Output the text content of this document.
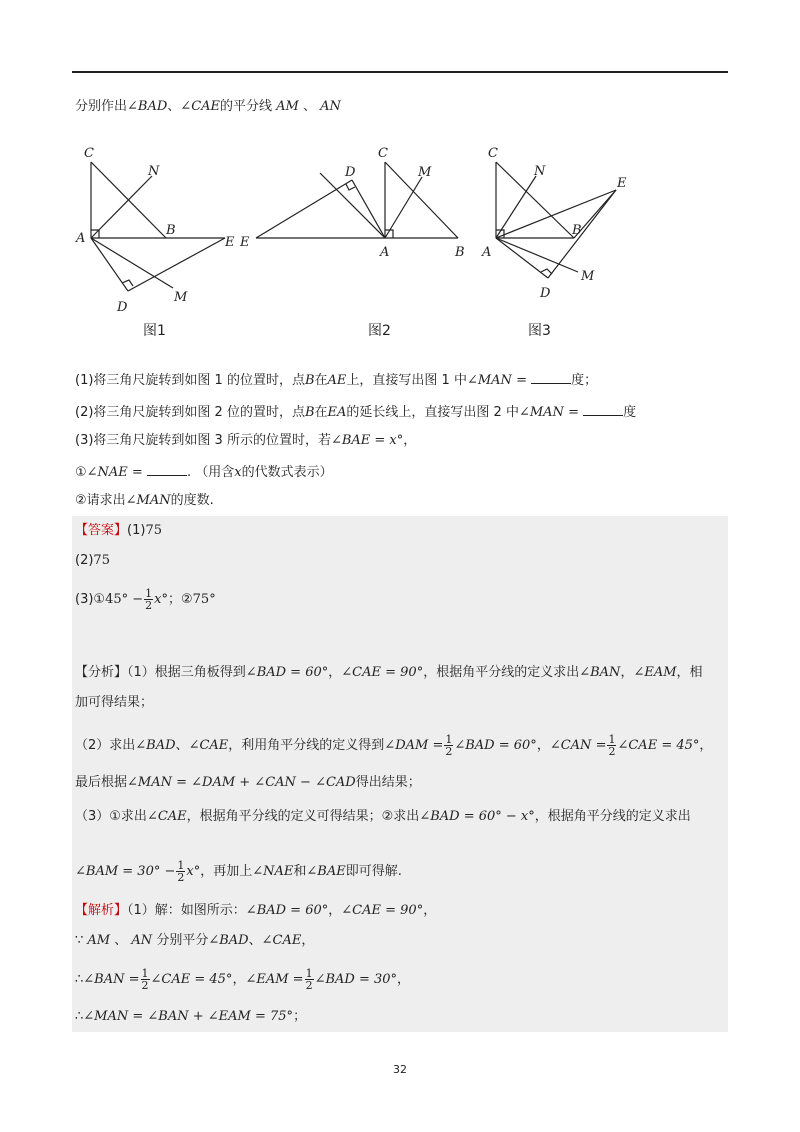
分别作出∠BAD、∠CAE的平分线 AM 、 AN
C
N
A
B
E
D
M
图1
C
D	M
E
A	B
图2
C
N
E
A
B
M
D
图3
(1)将三角尺旋转到如图 1 的位置时，点B在AE上，直接写出图 1 中∠MAN =	度；
(2)将三角尺旋转到如图 2 位的置时，点B在EA的延长线上，直接写出图 2 中∠MAN =	度
(3)将三角尺旋转到如图 3 所示的位置时，若∠BAE = x°，
①∠NAE =	. （用含x的代数式表示）
②请求出∠MAN的度数.
【答案】(1)75
(2)75
(3)①45° − $\frac{1}{2} x^\circ$；②75°
【分析】（1）根据三角板得到∠BAD = 60°，∠CAE = 90°，根据角平分线的定义求出∠BAN，∠EAM，相
加可得结果；
（2）求出∠BAD、∠CAE，利用角平分线的定义得到∠DAM = $\frac{1}{2}$ ∠BAD = 60°，∠CAN = $\frac{1}{2}$ ∠CAE = 45°，
最后根据∠MAN = ∠DAM + ∠CAN − ∠CAD得出结果；
（3）①求出∠CAE，根据角平分线的定义可得结果；②求出∠BAD = 60° − x°，根据角平分线的定义求出
∠BAM = $30^\circ - \frac{1}{2} x^\circ$，再加上∠NAE和∠BAE即可得解.
【解析】（1）解：如图所示：∠BAD = 60°，∠CAE = 90°，
∵ AM 、 AN 分别平分∠BAD、∠CAE，
∴∠BAN = $\frac{1}{2}$ ∠CAE = 45°，∠EAM = $\frac{1}{2}$ ∠BAD = 30°，
∴∠MAN = ∠BAN + ∠EAM = 75°；
32
